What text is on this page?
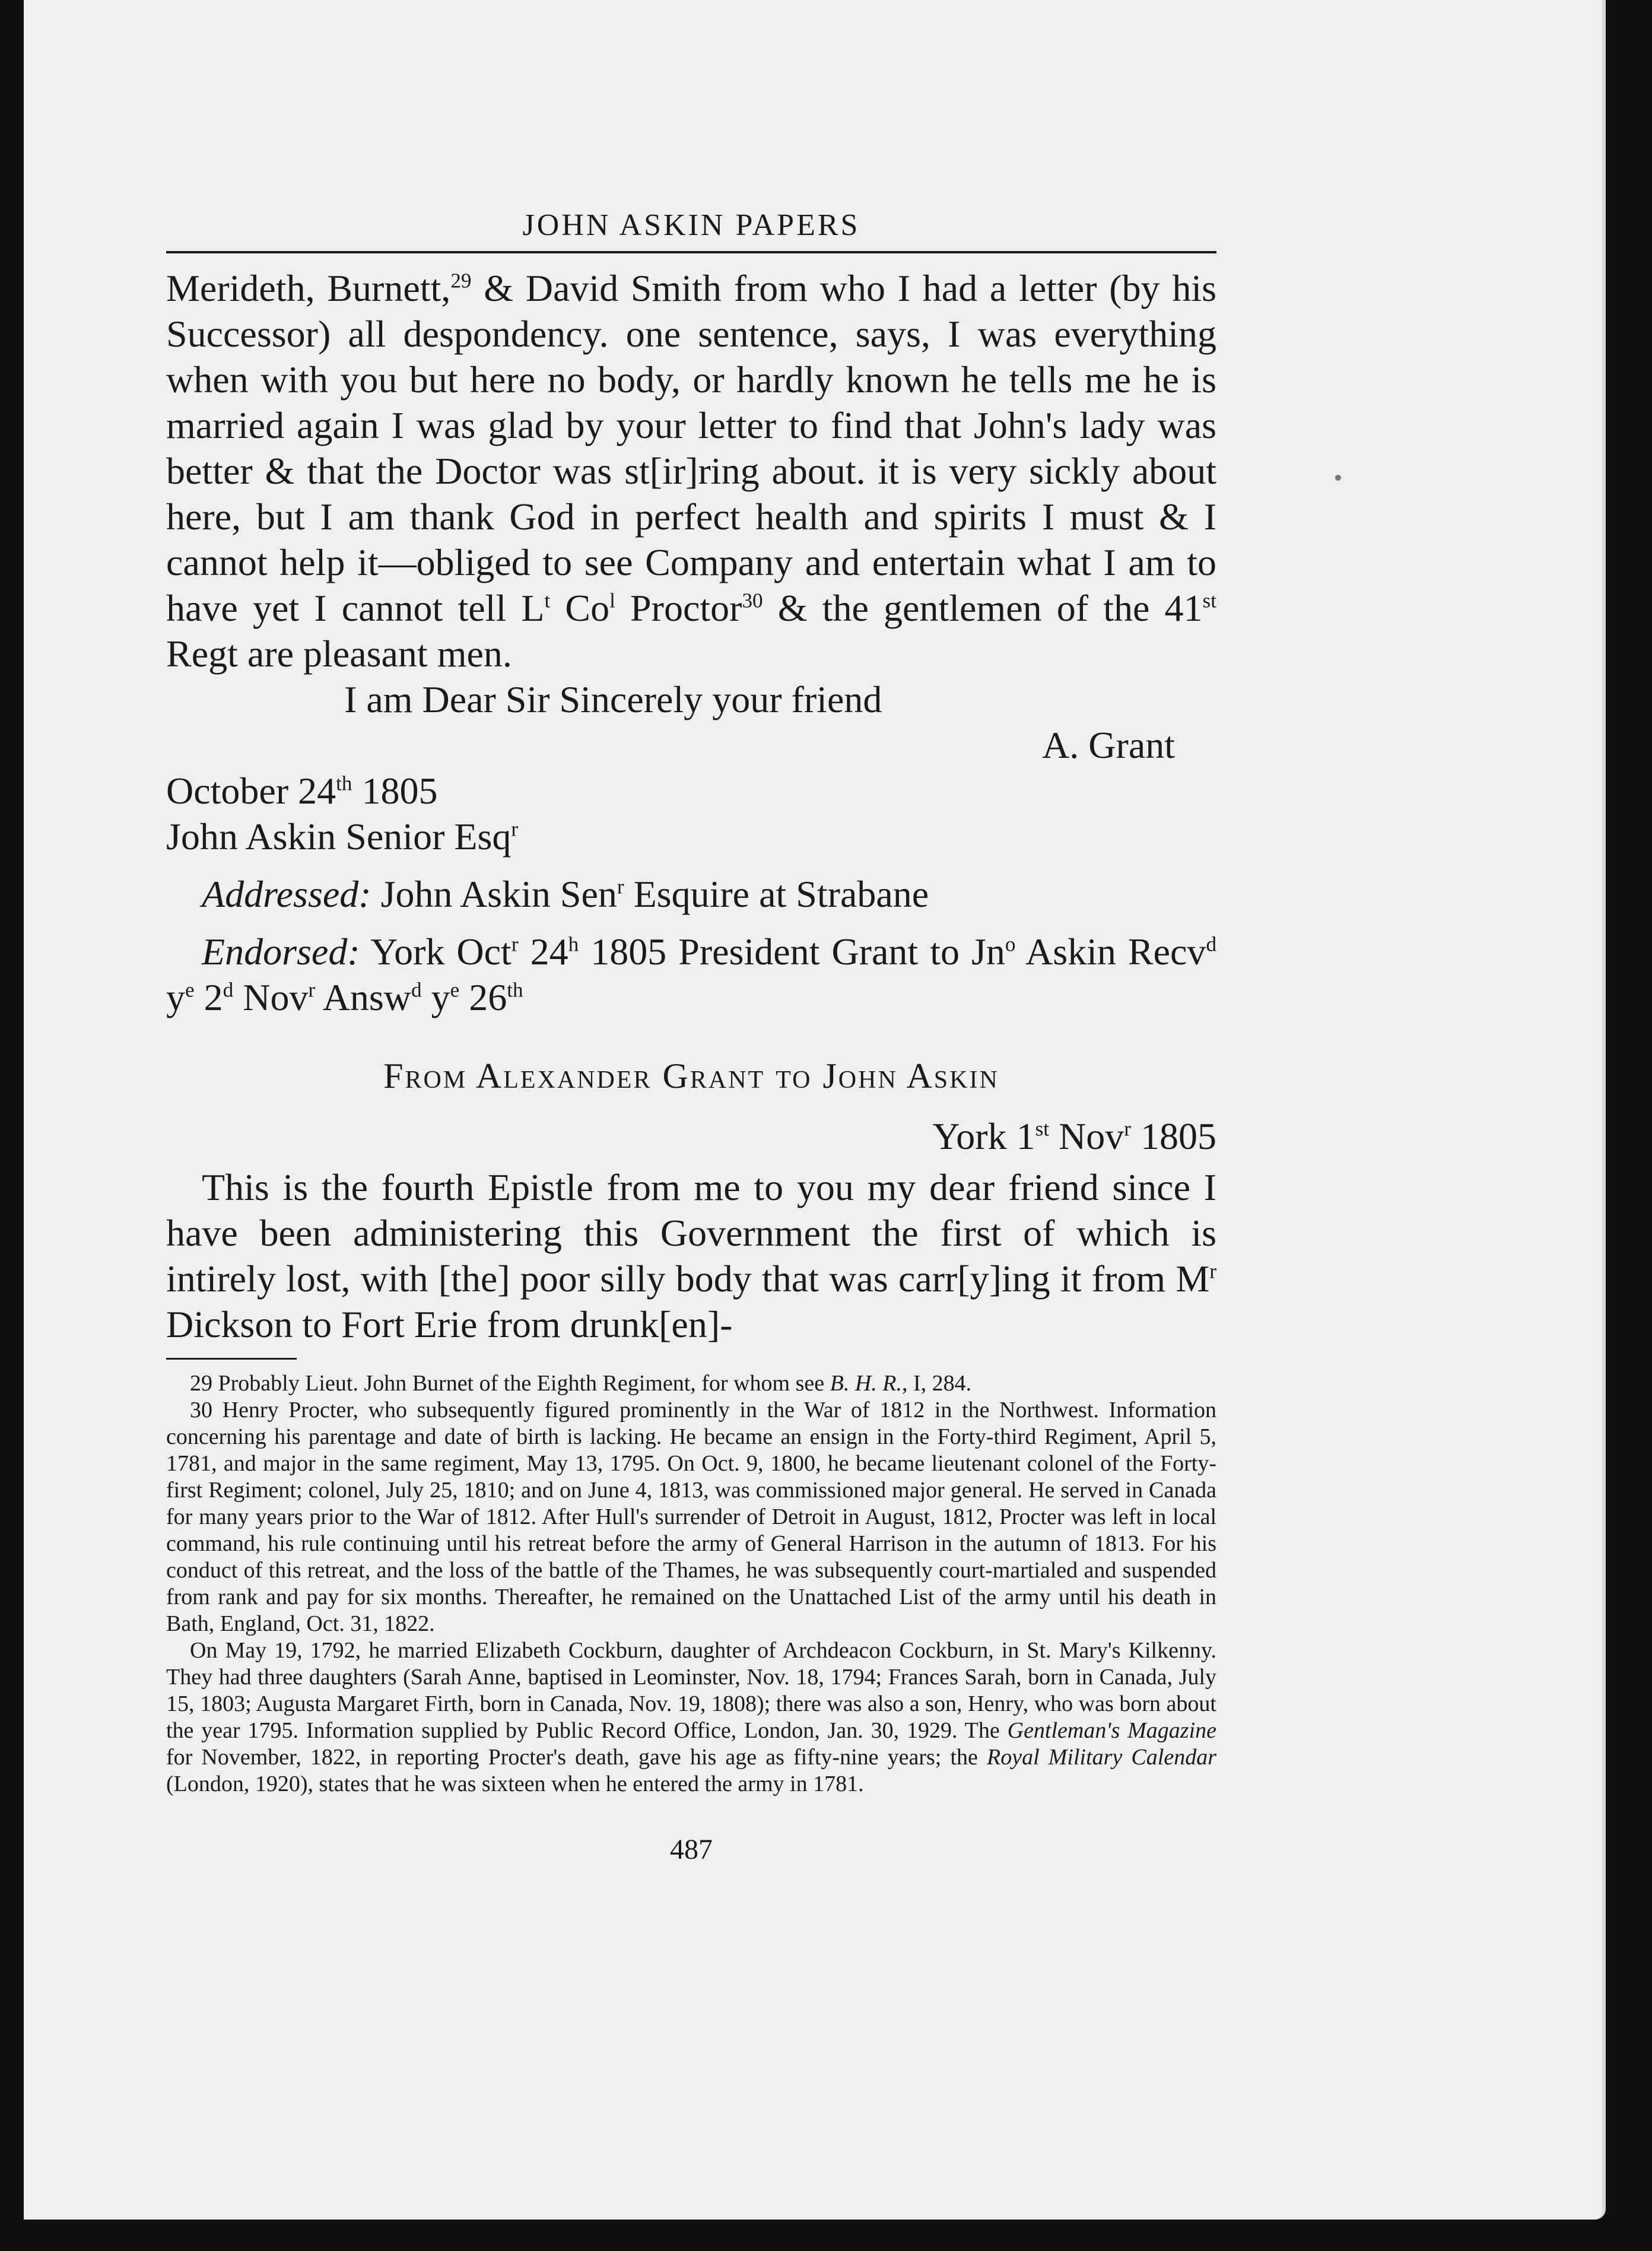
JOHN ASKIN PAPERS

Merideth, Burnett,$^{29}$ & David Smith from who I had a letter (by his Successor) all despondency. one sentence, says, I was everything when with you but here no body, or hardly known he tells me he is married again I was glad by your letter to find that John's lady was better & that the Doctor was st[ir]ring about. it is very sickly about here, but I am thank God in perfect health and spirits I must & I cannot help it—obliged to see Company and entertain what I am to have yet I cannot tell $L^t$ Co$^l$ Proctor$^{30}$ & the gentlemen of the 41st Regt are pleasant men.

I am Dear Sir Sincerely your friend

A. Grant

October 24th 1805

John Askin Senior Esq$^r$

Addressed: John Askin Sen$^r$ Esquire at Strabane

Endorsed: York Oct$^r$ 24$^h$ 1805 President Grant to Jn$^o$ Askin Recv$^d$ $y^e$ 2$^d$ Nov$^r$ Answ$^d$ $y^e$ 26th

From Alexander Grant to John Askin
York 1st Nov$^r$ 1805

This is the fourth Epistle from me to you my dear friend since I have been administering this Government the first of which is intirely lost, with [the] poor silly body that was carr[y]ing it from $M^r$ Dickson to Fort Erie from drunk[en]-

29 Probably Lieut. John Burnet of the Eighth Regiment, for whom see B. H. R., I, 284.

30 Henry Procter, who subsequently figured prominently in the War of 1812 in the Northwest. Information concerning his parentage and date of birth is lacking. He became an ensign in the Forty-third Regiment, April 5, 1781, and major in the same regiment, May 13, 1795. On Oct. 9, 1800, he became lieutenant colonel of the Forty-first Regiment; colonel, July 25, 1810; and on June 4, 1813, was commissioned major general. He served in Canada for many years prior to the War of 1812. After Hull's surrender of Detroit in August, 1812, Procter was left in local command, his rule continuing until his retreat before the army of General Harrison in the autumn of 1813. For his conduct of this retreat, and the loss of the battle of the Thames, he was subsequently court-martialed and suspended from rank and pay for six months. Thereafter, he remained on the Unattached List of the army until his death in Bath, England, Oct. 31, 1822.

On May 19, 1792, he married Elizabeth Cockburn, daughter of Archdeacon Cockburn, in St. Mary's Kilkenny. They had three daughters (Sarah Anne, baptised in Leominster, Nov. 18, 1794; Frances Sarah, born in Canada, July 15, 1803; Augusta Margaret Firth, born in Canada, Nov. 19, 1808); there was also a son, Henry, who was born about the year 1795. Information supplied by Public Record Office, London, Jan. 30, 1929. The Gentleman's Magazine for November, 1822, in reporting Procter's death, gave his age as fifty-nine years; the Royal Military Calendar (London, 1920), states that he was sixteen when he entered the army in 1781.

487
